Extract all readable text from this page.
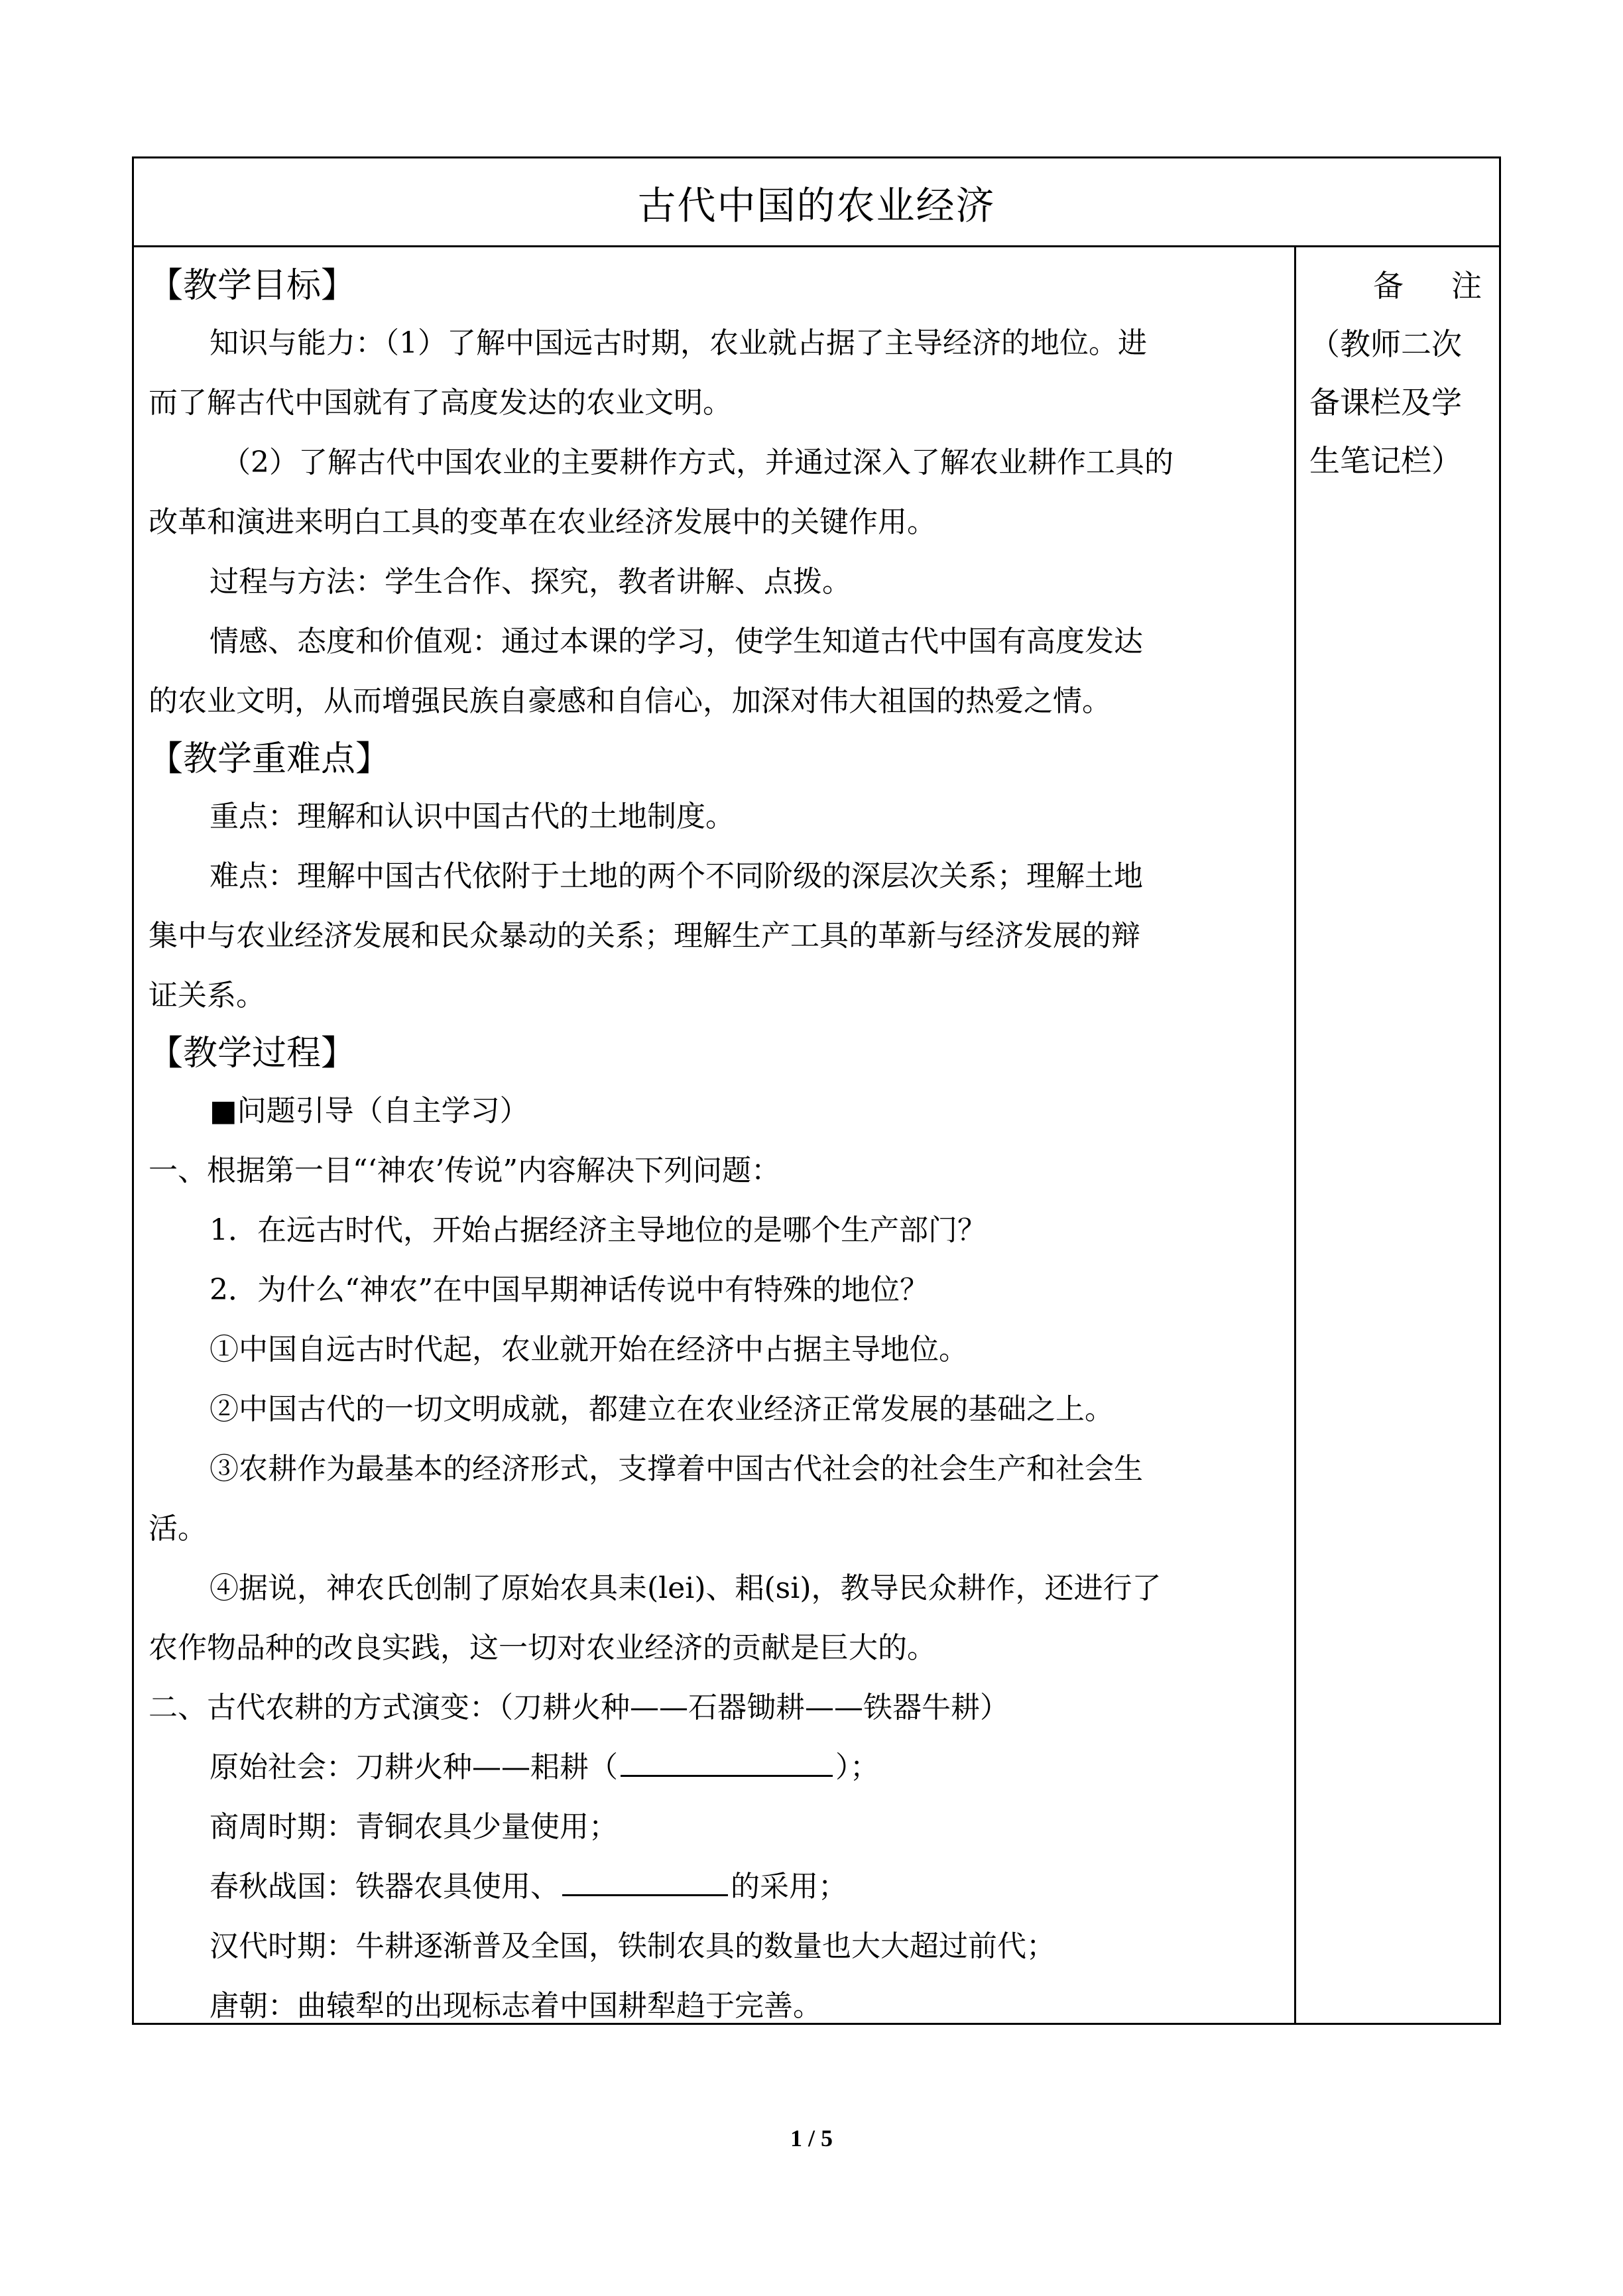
古代中国的农业经济
【教学目标】

知识与能力：（1）了解中国远古时期，农业就占据了主导经济的地位。进

而了解古代中国就有了高度发达的农业文明。

（2）了解古代中国农业的主要耕作方式，并通过深入了解农业耕作工具的

改革和演进来明白工具的变革在农业经济发展中的关键作用。

过程与方法：学生合作、探究，教者讲解、点拨。

情感、态度和价值观：通过本课的学习，使学生知道古代中国有高度发达

的农业文明，从而增强民族自豪感和自信心，加深对伟大祖国的热爱之情。

【教学重难点】

重点：理解和认识中国古代的土地制度。

难点：理解中国古代依附于土地的两个不同阶级的深层次关系；理解土地

集中与农业经济发展和民众暴动的关系；理解生产工具的革新与经济发展的辩

证关系。

【教学过程】

■问题引导（自主学习）

一、根据第一目“‘神农’传说”内容解决下列问题：

1．在远古时代，开始占据经济主导地位的是哪个生产部门？

2．为什么“神农”在中国早期神话传说中有特殊的地位？

①中国自远古时代起，农业就开始在经济中占据主导地位。

②中国古代的一切文明成就，都建立在农业经济正常发展的基础之上。

③农耕作为最基本的经济形式，支撑着中国古代社会的社会生产和社会生

活。

④据说，神农氏创制了原始农具耒(lei)、耜(si)，教导民众耕作，还进行了

农作物品种的改良实践，这一切对农业经济的贡献是巨大的。

二、古代农耕的方式演变：（刀耕火种——石器锄耕——铁器牛耕）

原始社会：刀耕火种——耜耕（	）；

商周时期：青铜农具少量使用；

春秋战国：铁器农具使用、	的采用；

汉代时期：牛耕逐渐普及全国，铁制农具的数量也大大超过前代；

唐朝：曲辕犁的出现标志着中国耕犁趋于完善。

备 注
（教师二次
备课栏及学
生笔记栏）
1 / 5
